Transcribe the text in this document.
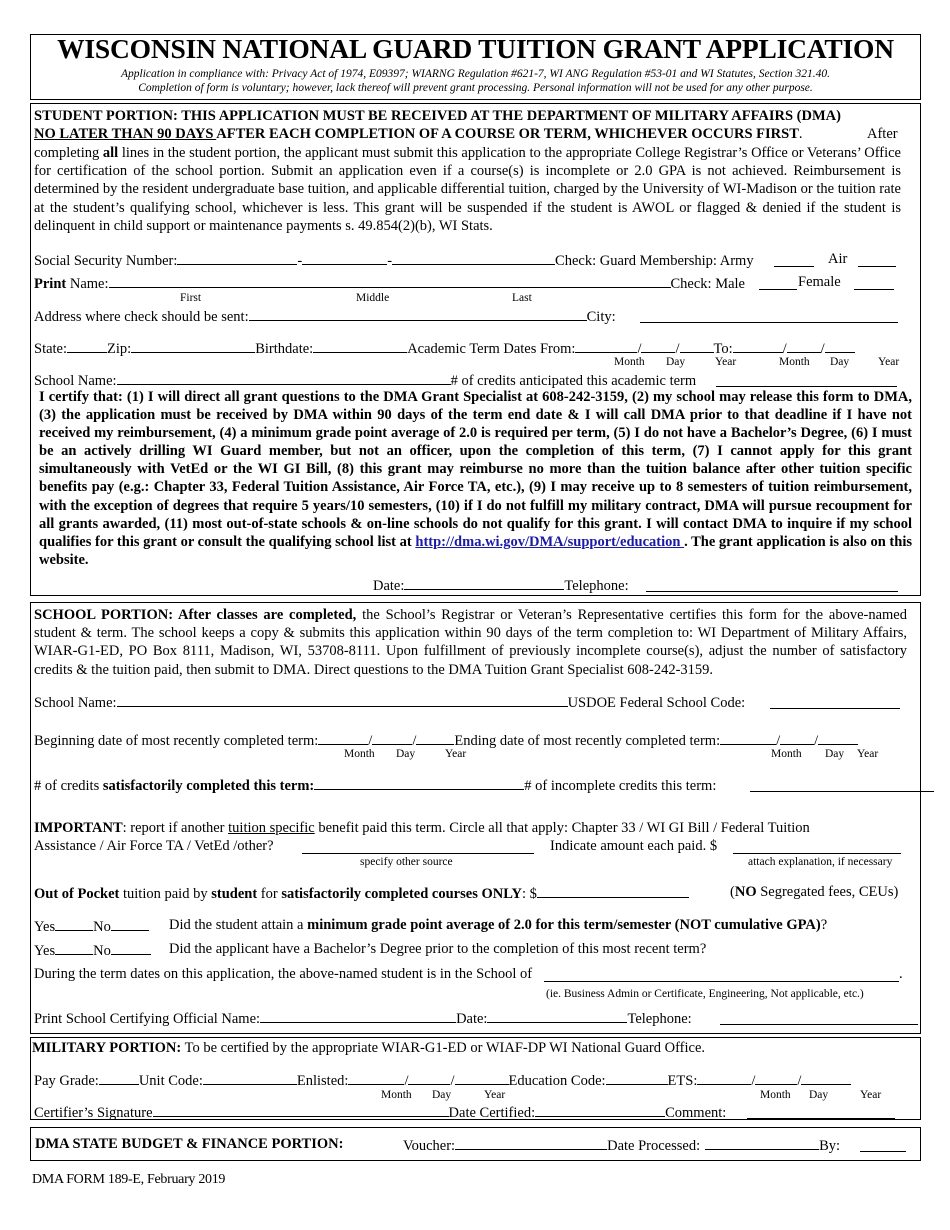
WISCONSIN NATIONAL GUARD TUITION GRANT APPLICATION
Application in compliance with: Privacy Act of 1974, E09397; WIARNG Regulation #621-7, WI ANG Regulation #53-01 and WI Statutes, Section 321.40.
Completion of form is voluntary; however, lack thereof will prevent grant processing. Personal information will not be used for any other purpose.
STUDENT PORTION: THIS APPLICATION MUST BE RECEIVED AT THE DEPARTMENT OF MILITARY AFFAIRS (DMA)
NO LATER THAN 90 DAYS AFTER EACH COMPLETION OF A COURSE OR TERM, WHICHEVER OCCURS FIRST.	After
completing all lines in the student portion, the applicant must submit this application to the appropriate College Registrar’s Office or Veterans’ Office for certification of the school portion. Submit an application even if a course(s) is incomplete or 2.0 GPA is not achieved. Reimbursement is determined by the resident undergraduate base tuition, and applicable differential tuition, charged by the University of WI-Madison or the tuition rate at the student’s qualifying school, whichever is less. This grant will be suspended if the student is AWOL or flagged & denied if the student is delinquent in child support or maintenance payments s. 49.854(2)(b), WI Stats.
Social Security Number:	-	-	Check: Guard Membership: Army	Air
Print Name:	Check: Male	Female
First	Middle	Last
Address where check should be sent:	City:
State:	Zip:	Birthdate:	Academic Term Dates From:	/ / To:	/ /
Month Day	Year	Month Day	Year
School Name:	# of credits anticipated this academic term
I certify that: (1) I will direct all grant questions to the DMA Grant Specialist at 608-242-3159, (2) my school may release this form to DMA, (3) the application must be received by DMA within 90 days of the term end date & I will call DMA prior to that deadline if I have not received my reimbursement, (4) a minimum grade point average of 2.0 is required per term, (5) I do not have a Bachelor’s Degree, (6) I must be an actively drilling WI Guard member, but not an officer, upon the completion of this term, (7) I cannot apply for this grant simultaneously with VetEd or the WI GI Bill, (8) this grant may reimburse no more than the tuition balance after other tuition specific benefits pay (e.g.: Chapter 33, Federal Tuition Assistance, Air Force TA, etc.), (9) I may receive up to 8 semesters of tuition reimbursement, with the exception of degrees that require 5 years/10 semesters, (10) if I do not fulfill my military contract, DMA will pursue recoupment for all grants awarded, (11) most out-of-state schools & on-line schools do not qualify for this grant. I will contact DMA to inquire if my school qualifies for this grant or consult the qualifying school list at http://dma.wi.gov/DMA/support/education . The grant application is also on this website.
Date:	Telephone:
SCHOOL PORTION: After classes are completed, the School’s Registrar or Veteran’s Representative certifies this form for the above-named student & term. The school keeps a copy & submits this application within 90 days of the term completion to: WI Department of Military Affairs, WIAR-G1-ED, PO Box 8111, Madison, WI, 53708-8111. Upon fulfillment of previously incomplete course(s), adjust the number of satisfactory credits & the tuition paid, then submit to DMA. Direct questions to the DMA Tuition Grant Specialist 608-242-3159.
School Name:	USDOE Federal School Code:
Beginning date of most recently completed term:	/	/	Ending date of most recently completed term:	/ /
Month Day	Year	Month Day Year
# of credits satisfactorily completed this term:	# of incomplete credits this term:
IMPORTANT: report if another tuition specific benefit paid this term. Circle all that apply: Chapter 33 / WI GI Bill / Federal Tuition
Assistance / Air Force TA / VetEd /other?	Indicate amount each paid. $
specify other source	attach explanation, if necessary
Out of Pocket tuition paid by student for satisfactorily completed courses ONLY: $	(NO Segregated fees, CEUs)
Yes	No	Did the student attain a minimum grade point average of 2.0 for this term/semester (NOT cumulative GPA)?
Yes	No	Did the applicant have a Bachelor’s Degree prior to the completion of this most recent term?
During the term dates on this application, the above-named student is in the School of	.
(ie. Business Admin or Certificate, Engineering, Not applicable, etc.)
Print School Certifying Official Name:	Date:	Telephone:
MILITARY PORTION: To be certified by the appropriate WIAR-G1-ED or WIAF-DP WI National Guard Office.
Pay Grade:	Unit Code:	Enlisted:	/	/	Education Code:	ETS:	/	/
Month Day	Year	Month Day	Year
Certifier’s Signature	Date Certified:	Comment:
DMA STATE BUDGET & FINANCE PORTION:	Voucher:	Date Processed:	By:
DMA FORM 189-E, February 2019
